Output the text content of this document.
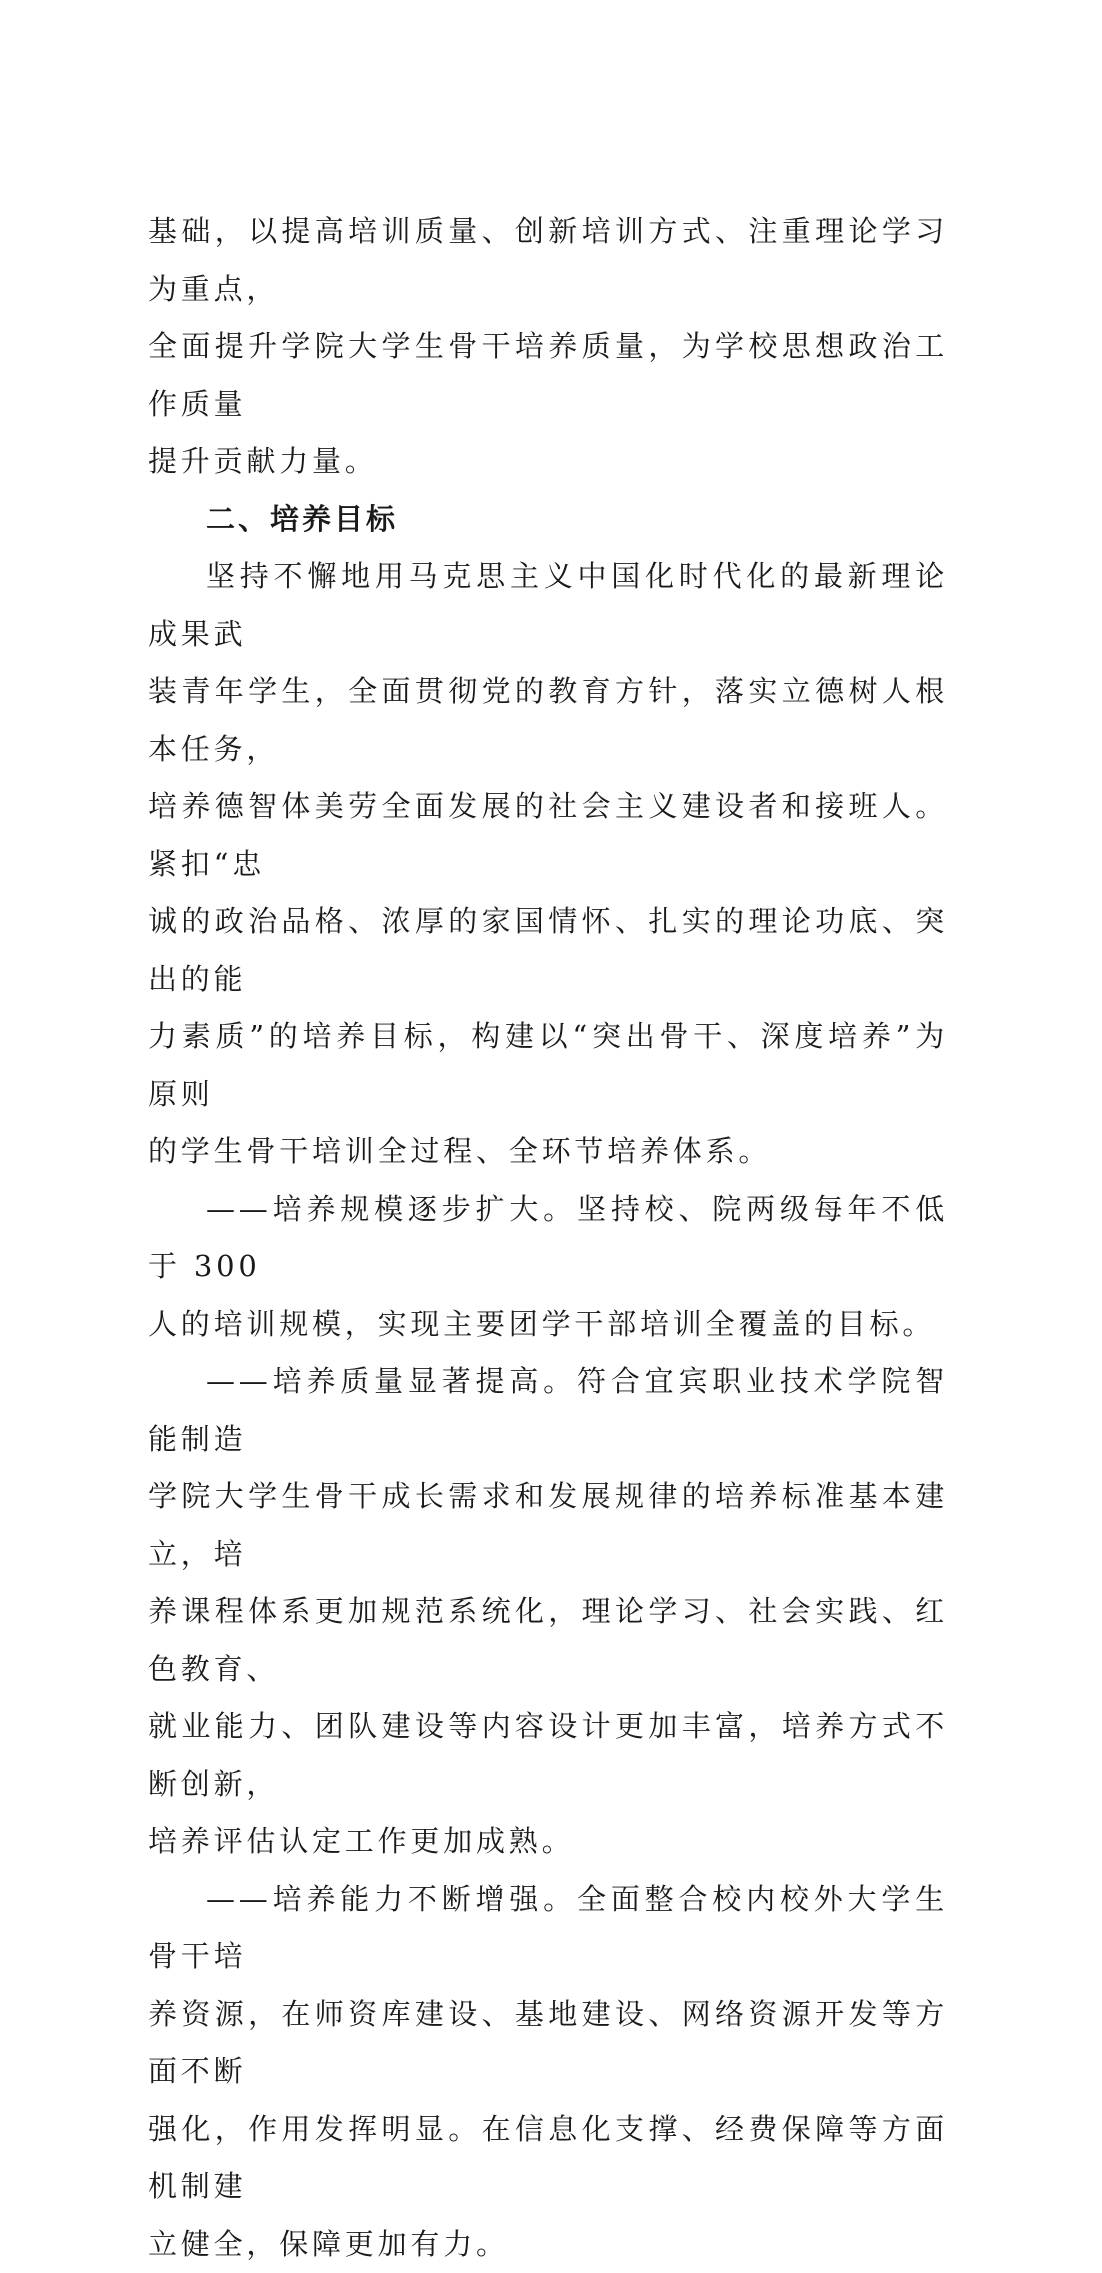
基础，以提高培训质量、创新培训方式、注重理论学习为重点，
全面提升学院大学生骨干培养质量，为学校思想政治工作质量
提升贡献力量。

二、培养目标

坚持不懈地用马克思主义中国化时代化的最新理论成果武
装青年学生，全面贯彻党的教育方针，落实立德树人根本任务，
培养德智体美劳全面发展的社会主义建设者和接班人。紧扣“忠
诚的政治品格、浓厚的家国情怀、扎实的理论功底、突出的能
力素质”的培养目标，构建以“突出骨干、深度培养”为原则
的学生骨干培训全过程、全环节培养体系。

——培养规模逐步扩大。坚持校、院两级每年不低于 300
人的培训规模，实现主要团学干部培训全覆盖的目标。

——培养质量显著提高。符合宜宾职业技术学院智能制造
学院大学生骨干成长需求和发展规律的培养标准基本建立，培
养课程体系更加规范系统化，理论学习、社会实践、红色教育、
就业能力、团队建设等内容设计更加丰富，培养方式不断创新，
培养评估认定工作更加成熟。

——培养能力不断增强。全面整合校内校外大学生骨干培
养资源，在师资库建设、基地建设、网络资源开发等方面不断
强化，作用发挥明显。在信息化支撑、经费保障等方面机制建
立健全，保障更加有力。
